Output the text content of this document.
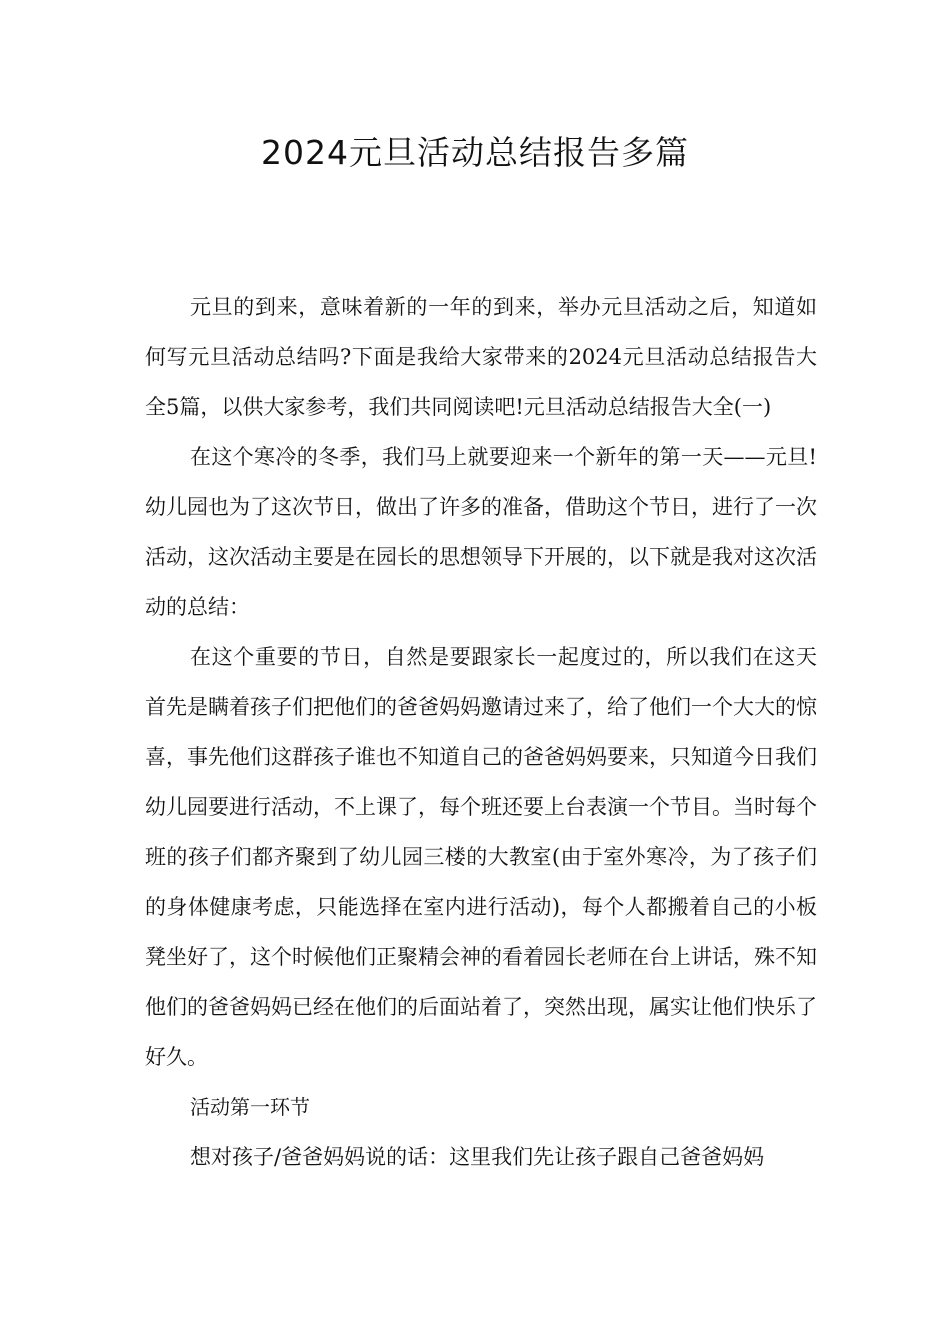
2024元旦活动总结报告多篇

元旦的到来，意味着新的一年的到来，举办元旦活动之后，知道如何写元旦活动总结吗?下面是我给大家带来的2024元旦活动总结报告大全5篇，以供大家参考，我们共同阅读吧!元旦活动总结报告大全(一)

在这个寒冷的冬季，我们马上就要迎来一个新年的第一天——元旦!幼儿园也为了这次节日，做出了许多的准备，借助这个节日，进行了一次活动，这次活动主要是在园长的思想领导下开展的，以下就是我对这次活动的总结：

在这个重要的节日，自然是要跟家长一起度过的，所以我们在这天首先是瞒着孩子们把他们的爸爸妈妈邀请过来了，给了他们一个大大的惊喜，事先他们这群孩子谁也不知道自己的爸爸妈妈要来，只知道今日我们幼儿园要进行活动，不上课了，每个班还要上台表演一个节目。当时每个班的孩子们都齐聚到了幼儿园三楼的大教室(由于室外寒冷，为了孩子们的身体健康考虑，只能选择在室内进行活动)，每个人都搬着自己的小板凳坐好了，这个时候他们正聚精会神的看着园长老师在台上讲话，殊不知他们的爸爸妈妈已经在他们的后面站着了，突然出现，属实让他们快乐了好久。

活动第一环节

想对孩子/爸爸妈妈说的话：这里我们先让孩子跟自己爸爸妈妈
